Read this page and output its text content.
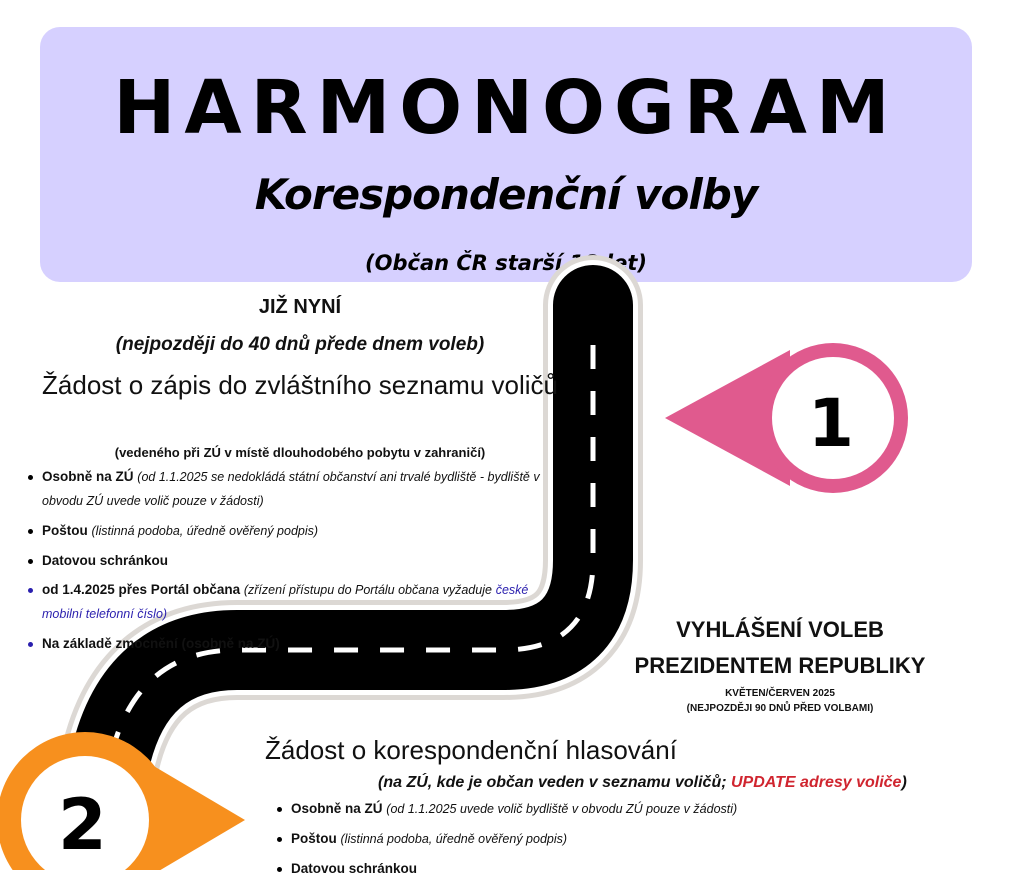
HARMONOGRAM
Korespondenční volby
(Občan ČR starší 18 let)
1
2
JIŽ NYNÍ
(nejpozději do 40 dnů přede dnem voleb)
Žádost o zápis do zvláštního seznamu voličů
(vedeného při ZÚ v místě dlouhodobého pobytu v zahraničí)
Osobně na ZÚ (od 1.1.2025 se nedokládá státní občanství ani trvalé bydliště - bydliště v obvodu ZÚ uvede volič pouze v žádosti)
Poštou (listinná podoba, úředně ověřený podpis)
Datovou schránkou
od 1.4.2025 přes Portál občana (zřízení přístupu do Portálu občana vyžaduje české mobilní telefonní číslo)
Na základě zmocnění (osobně na ZÚ)
VYHLÁŠENÍ VOLEB
PREZIDENTEM REPUBLIKY
KVĚTEN/ČERVEN 2025
(NEJPOZDĚJI 90 DNŮ PŘED VOLBAMI)
Žádost o korespondenční hlasování
(na ZÚ, kde je občan veden v seznamu voličů; UPDATE adresy voliče)
Osobně na ZÚ (od 1.1.2025 uvede volič bydliště v obvodu ZÚ pouze v žádosti)
Poštou (listinná podoba, úředně ověřený podpis)
Datovou schránkou
